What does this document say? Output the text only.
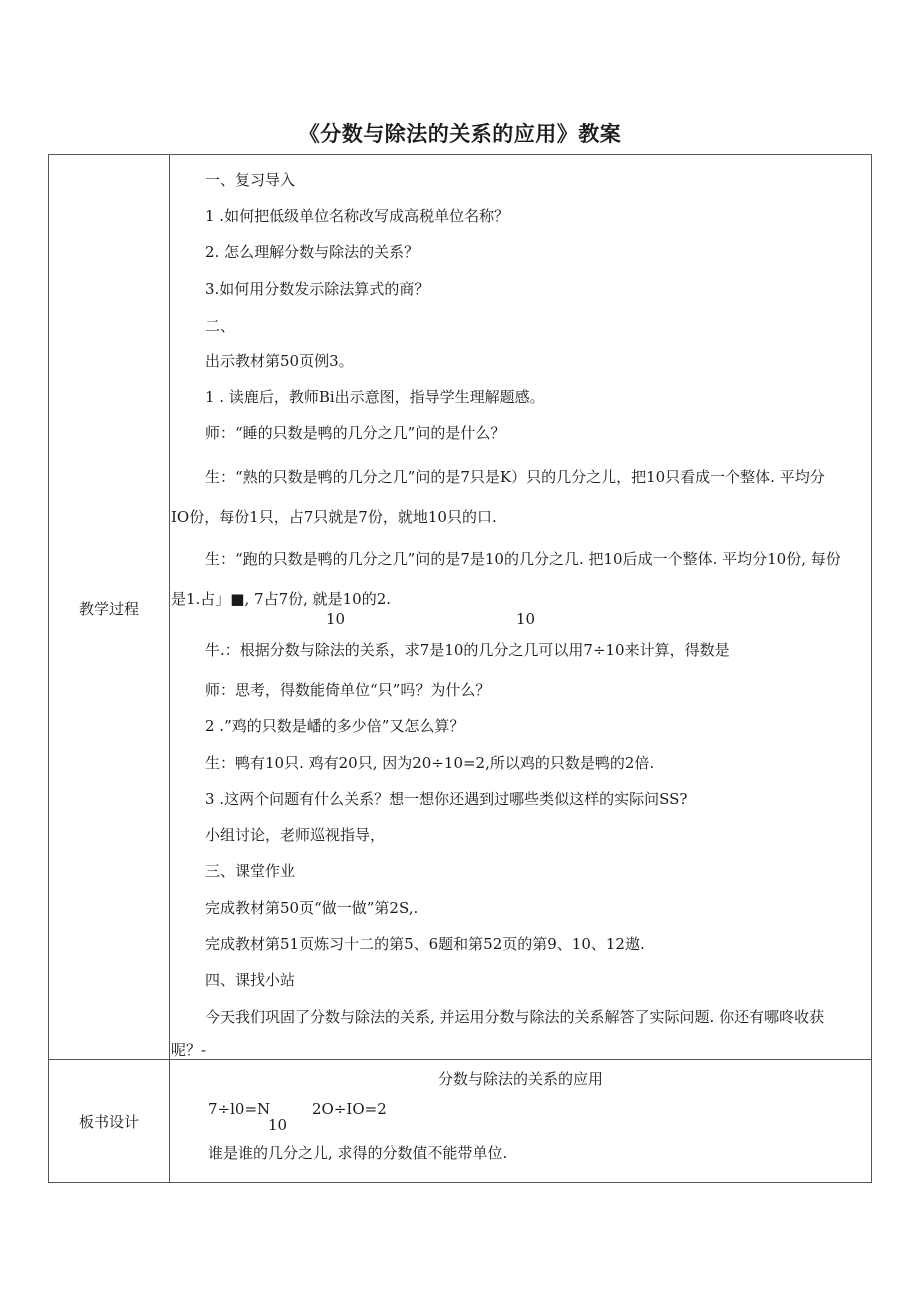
《分数与除法的关系的应用》教案
教学过程
一、复习导入
1 .如何把低级单位名称改写成高税单位名称？
2. 怎么理解分数与除法的关系？
3.如何用分数发示除法算式的商？
二、
出示教材第50页例3。
1 . 读鹿后，教师Bi出示意图，指导学生理解题感。
师：“睡的只数是鸭的几分之几”问的是什么？
生：“熟的只数是鸭的几分之几”问的是7只是K）只的几分之儿，把10只看成一个整体. 平均分
IO份，每份1只，占7只就是7份，就地10只的口.
生：“跑的只数是鸭的几分之几”问的是7是10的几分之几. 把10后成一个整体. 平均分10份, 每份
是1.占」■, 7占7份, 就是10的2.
10	10
牛.：根据分数与除法的关系，求7是10的几分之几可以用7÷10来计算，得数是
师：思考，得数能倚单位“只”吗？为什么？
2 .”鸡的只数是嶓的多少倍”又怎么算？
生：鸭有10只. 鸡有20只, 因为20÷10=2,所以鸡的只数是鸭的2倍.
3 .这两个问题有什么关系？想一想你还遇到过哪些类似这样的实际问SS?
小组讨论，老师巡视指导，
三、课堂作业
完成教材第50页“做一做”第2S,.
完成教材第51页炼习十二的第5、6题和第52页的第9、10、12遨.
四、课找小站
今天我们巩固了分数与除法的关系, 并运用分数与除法的关系解答了实际问题. 你还有哪咚收获
呢？-
板书设计
分数与除法的关系的应用
7÷l0=N
10
2O÷IO=2
谁是谁的几分之儿, 求得的分数值不能带单位.
